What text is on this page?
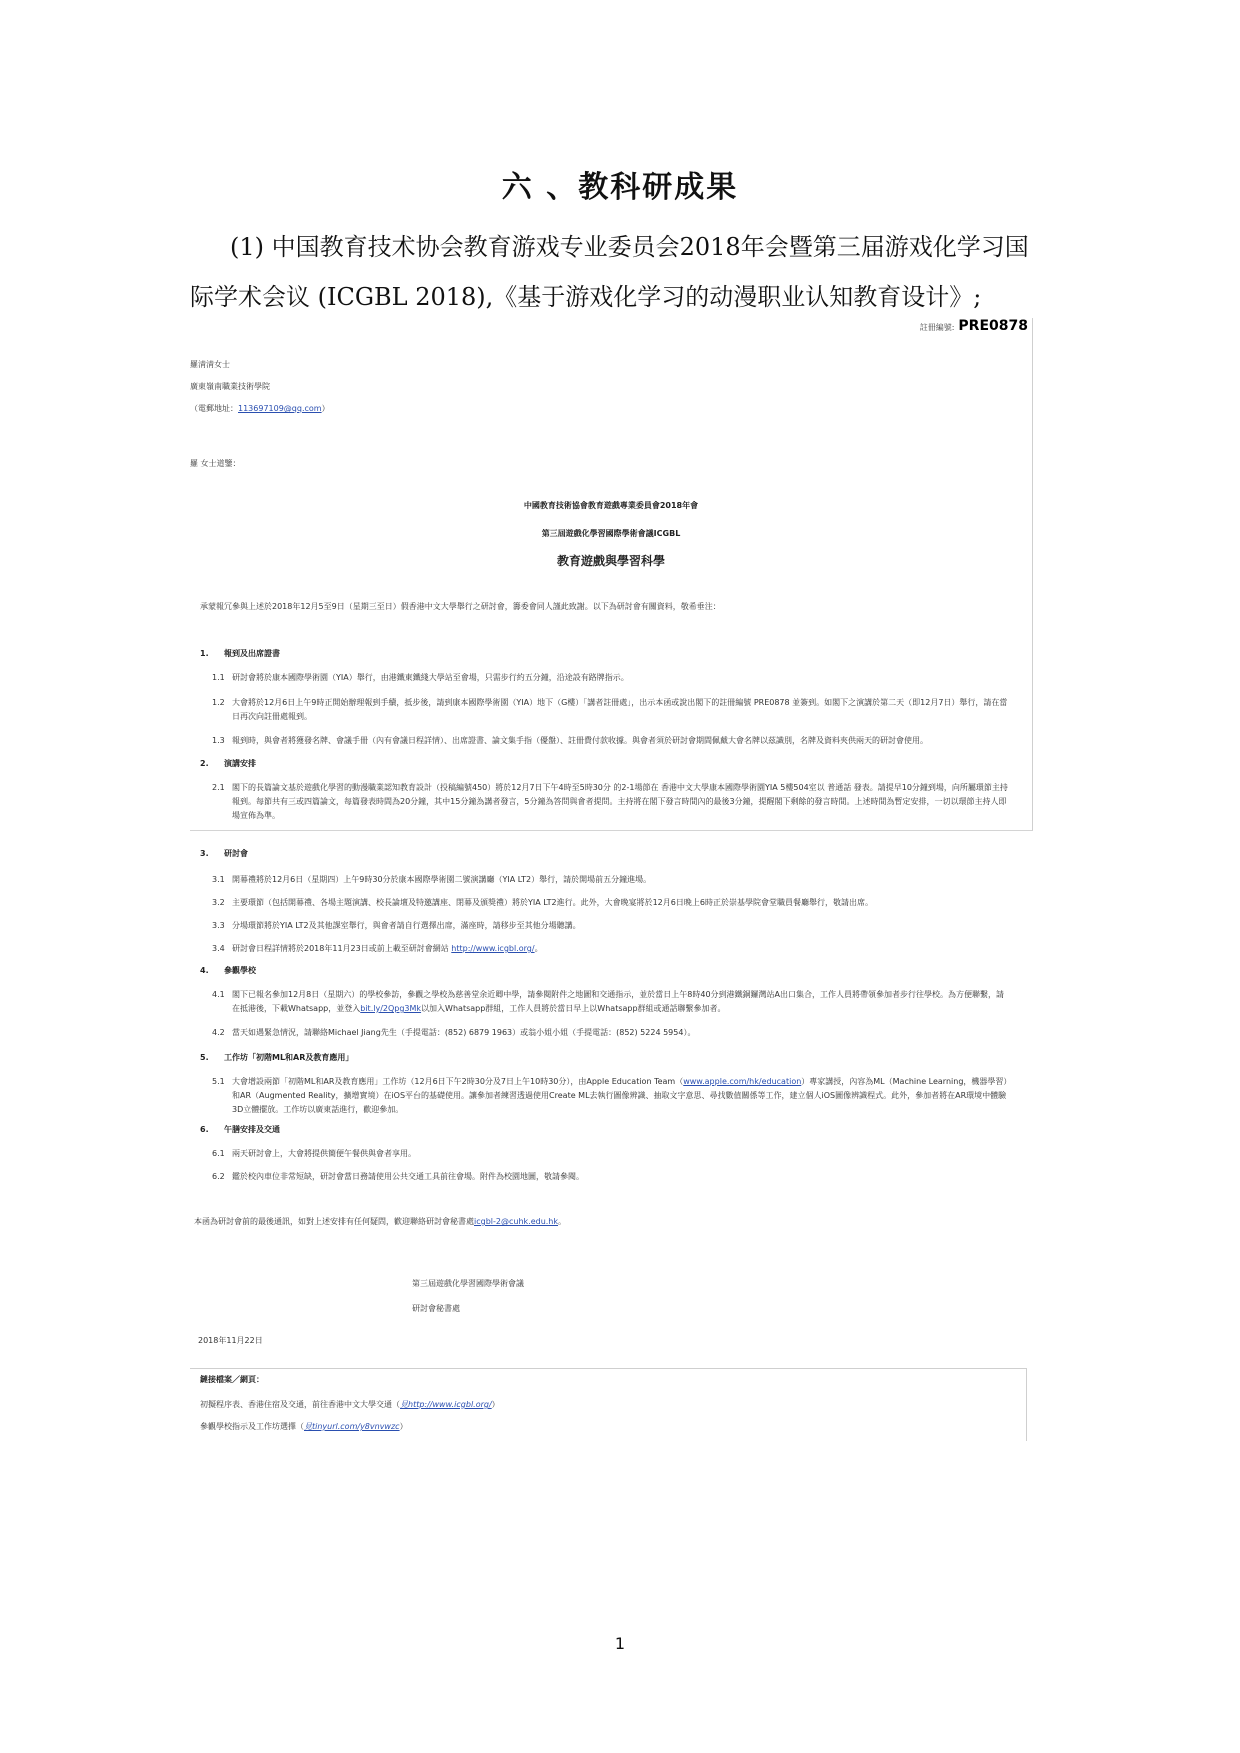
六 、教科研成果

(1) 中国教育技术协会教育游戏专业委员会2018年会暨第三届游戏化学习国

际学术会议 (ICGBL 2018),《基于游戏化学习的动漫职业认知教育设计》;

註冊編號: PRE0878
羅淸淸女士
廣東嶺南職業技術學院
（電郵地址：113697109@qq.com）
羅 女士道鑒：
中國教育技術協會教育遊戲專業委員會2018年會
第三屆遊戲化學習國際學術會議ICGBL
教育遊戲與學習科學
承蒙報冗參與上述於2018年12月5至9日（星期三至日）假香港中文大學舉行之研討會，籌委會同人謹此致謝。以下為研討會有關資料，敬希垂注：
1. 報到及出席證書
1.1 研討會將於康本國際學術園（YIA）舉行，由港鐵東鐵綫大學站至會場，只需步行約五分鐘，沿途設有路牌指示。
1.2 大會將於12月6日上午9時正開始辦理報到手續，抵步後，請到康本國際學術園（YIA）地下（G樓）「講者註冊處」，出示本函或說出閣下的註冊編號 PRE0878 並簽到。如閣下之演講於第二天（即12月7日）舉行，請在當日再次向註冊處報到。
1.3 報到時，與會者將獲發名牌、會議手冊（內有會議日程詳情）、出席證書、論文集手指（優盤）、註冊費付款收據。與會者須於研討會期間佩戴大會名牌以茲識別，名牌及資料夾供兩天的研討會使用。
2. 演講安排
2.1 閣下的長篇論文基於遊戲化學習的動漫職業認知教育設計（投稿編號450）將於12月7日下午4時至5時30分 的2-1場節在 香港中文大學康本國際學術園YIA 5樓504室以 普通話 發表。請提早10分鐘到場，向所屬環節主持報到。每節共有三或四篇論文，每篇發表時間為20分鐘，其中15分鐘為講者發言，5分鐘為答問與會者提問。主持將在閣下發言時間內的最後3分鐘，提醒閣下剩餘的發言時間。上述時間為暫定安排，一切以環節主持人即場宣佈為準。
3. 研討會
3.1 開幕禮將於12月6日（星期四）上午9時30分於康本國際學術園二號演講廳（YIA LT2）舉行，請於開場前五分鐘進場。
3.2 主要環節（包括開幕禮、各場主題演講、校長論壇及特邀講座、閉幕及頒獎禮）將於YIA LT2進行。此外，大會晚宴將於12月6日晚上6時正於崇基學院會堂職員餐廳舉行，敬請出席。
3.3 分場環節將於YIA LT2及其他課室舉行，與會者請自行選擇出席，滿座時，請移步至其他分場聽講。
3.4 研討會日程詳情將於2018年11月23日或前上載至研討會網站 http://www.icgbl.org/。
4. 參觀學校
4.1 閣下已報名參加12月8日（星期六）的學校參訪，參觀之學校為慈善堂余近卿中學，請參閱附件之地圖和交通指示，並於當日上午8時40分到港鐵銅鑼灣站A出口集合，工作人員將帶領參加者步行往學校。為方便聯繫，請在抵港後，下載Whatsapp，並登入bit.ly/2Qpg3Mk以加入Whatsapp群組，工作人員將於當日早上以Whatsapp群組或通話聯繫參加者。
4.2 當天如遇緊急情況，請聯絡Michael Jiang先生（手提電話：(852) 6879 1963）或翁小姐小姐（手提電話：(852) 5224 5954）。
5. 工作坊「初階ML和AR及教育應用」
5.1 大會增設兩節「初階ML和AR及教育應用」工作坊（12月6日下午2時30分及7日上午10時30分），由Apple Education Team（www.apple.com/hk/education）專家講授，內容為ML（Machine Learning，機器學習）和AR（Augmented Reality，擴增實境）在iOS平台的基礎使用。讓參加者練習透過使用Create ML去執行圖像辨識、抽取文字意思、尋找數值關係等工作，建立個人iOS圖像辨識程式。此外，參加者將在AR環境中體驗3D立體擺放。工作坊以廣東話進行，歡迎參加。
6. 午膳安排及交通
6.1 兩天研討會上，大會將提供簡便午餐供與會者享用。
6.2 鑑於校內車位非常短缺，研討會當日務請使用公共交通工具前往會場。附件為校園地圖，敬請參閱。
本函為研討會前的最後通訊，如對上述安排有任何疑問，歡迎聯絡研討會秘書處icgbl-2@cuhk.edu.hk。
第三屆遊戲化學習國際學術會議
研討會秘書處
2018年11月22日
鏈接檔案／網頁：
初擬程序表、香港住宿及交通，前往香港中文大學交通（見http://www.icgbl.org/）
參觀學校指示及工作坊選擇（見tinyurl.com/y8vnvwzc）
1
